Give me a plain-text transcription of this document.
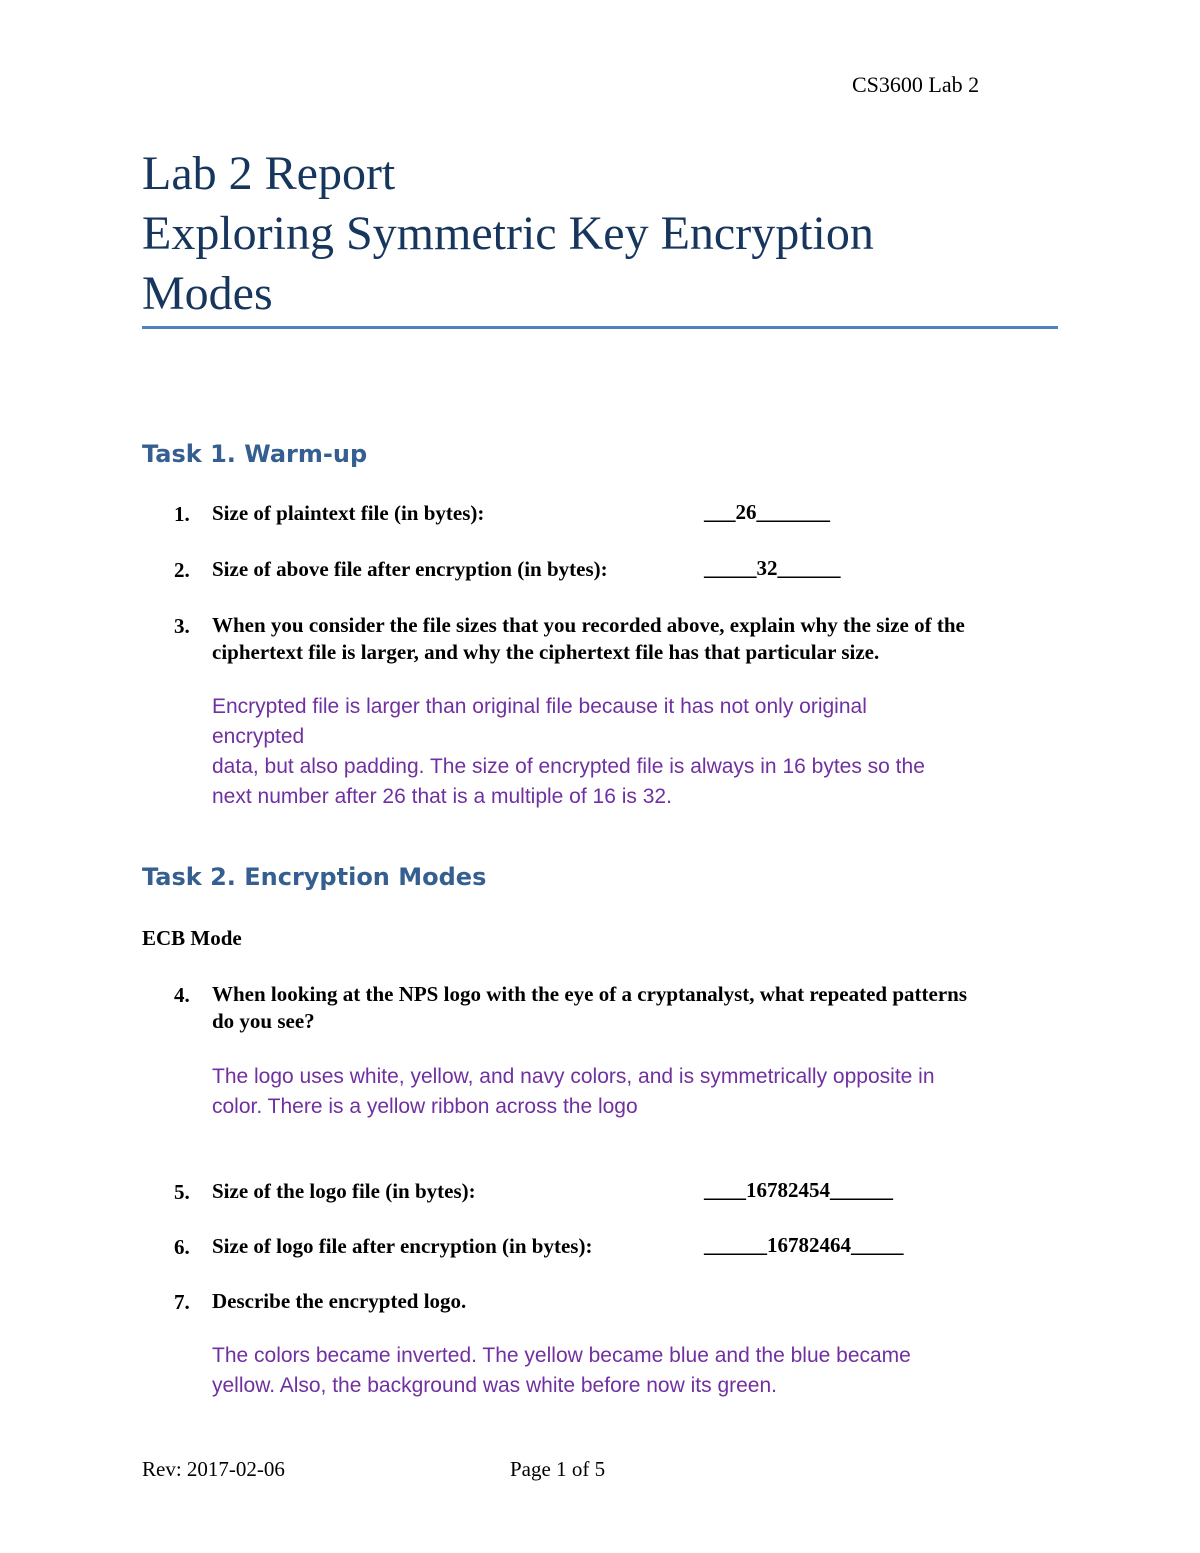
CS3600 Lab 2
Lab 2 Report
Exploring Symmetric Key Encryption
Modes
Task 1. Warm-up
1. Size of plaintext file (in bytes):	___26_______
2. Size of above file after encryption (in bytes):	_____32______
3. When you consider the file sizes that you recorded above, explain why the size of the
ciphertext file is larger, and why the ciphertext file has that particular size.
Encrypted file is larger than original file because it has not only original
encrypted
data, but also padding. The size of encrypted file is always in 16 bytes so the
next number after 26 that is a multiple of 16 is 32.
Task 2. Encryption Modes
ECB Mode
4. When looking at the NPS logo with the eye of a cryptanalyst, what repeated patterns
do you see?
The logo uses white, yellow, and navy colors, and is symmetrically opposite in
color. There is a yellow ribbon across the logo
5. Size of the logo file (in bytes):	____16782454______
6. Size of logo file after encryption (in bytes):	______16782464_____
7. Describe the encrypted logo.
The colors became inverted. The yellow became blue and the blue became
yellow. Also, the background was white before now its green.
Rev: 2017-02-06	Page 1 of 5
